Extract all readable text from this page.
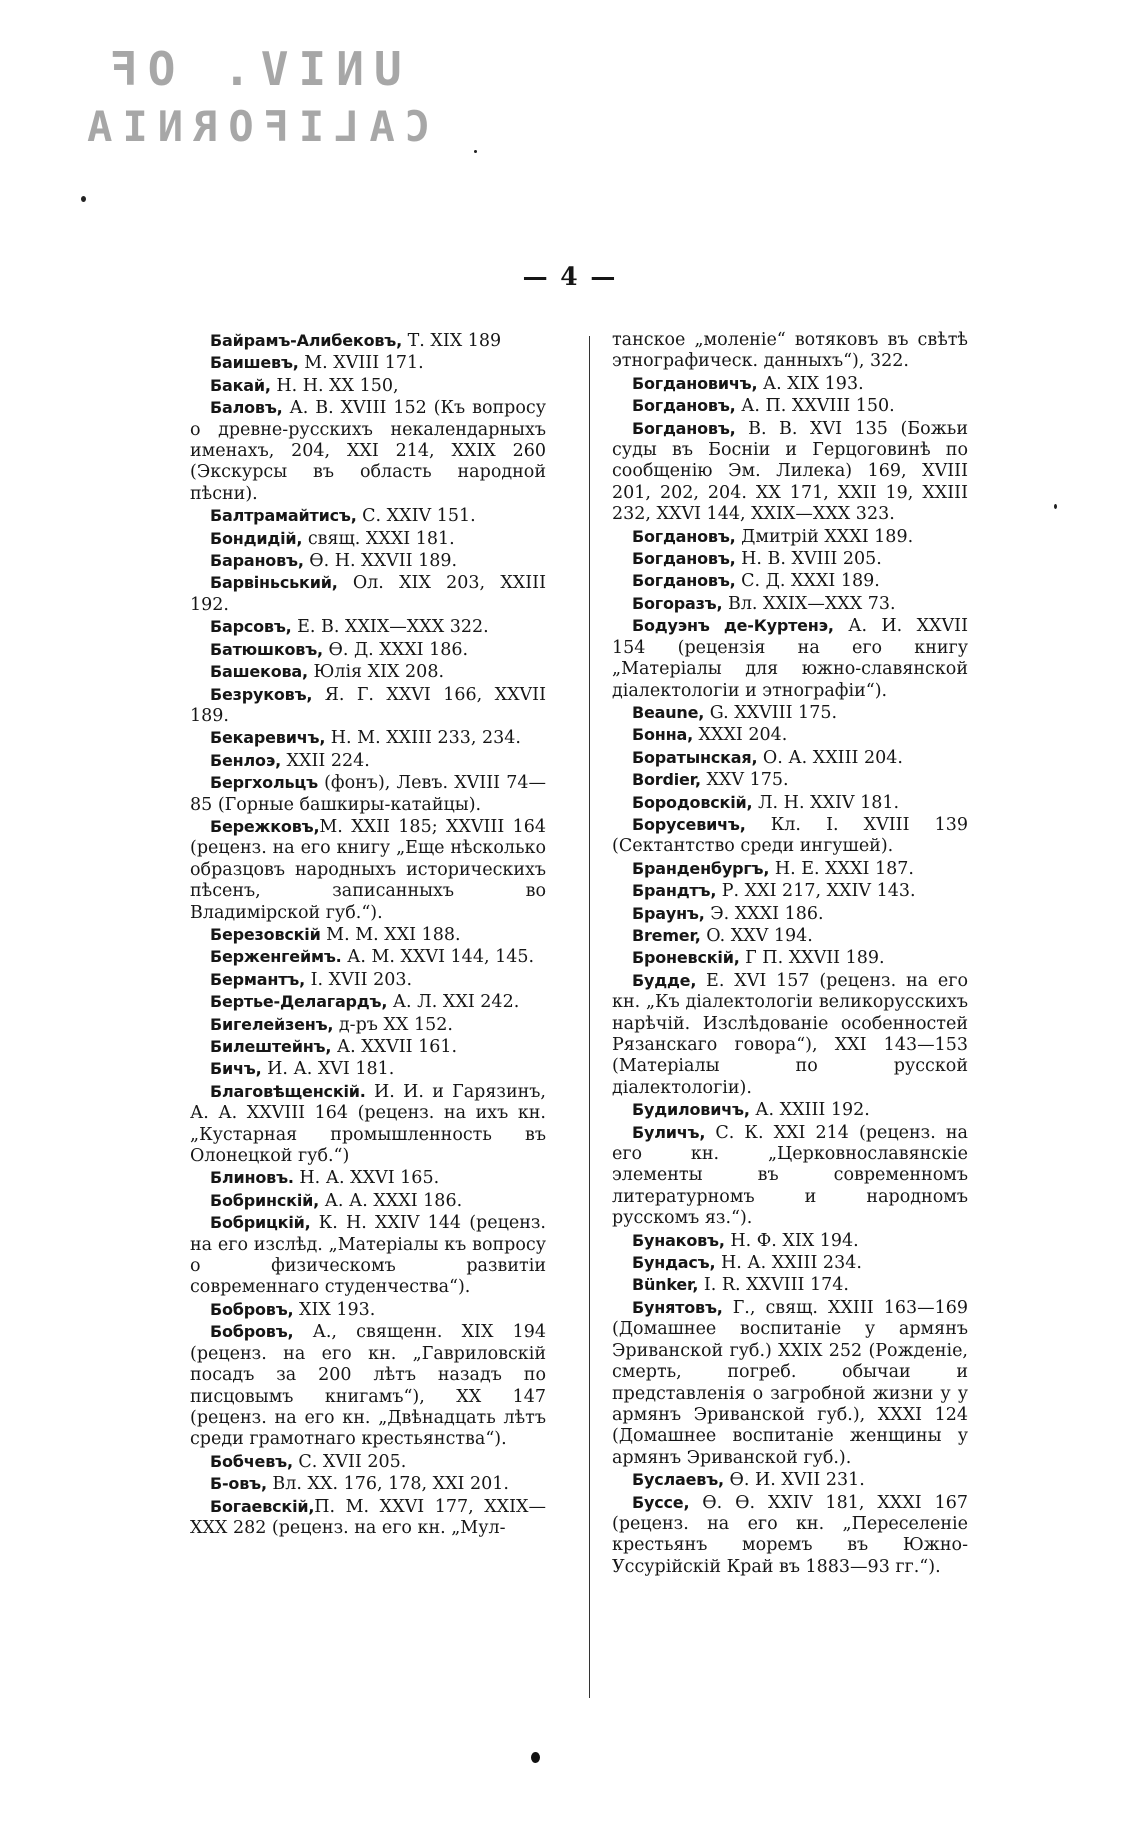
UNIV. OF
CALIFORNIA
— 4 —

Байрамъ-Алибековъ, Т. XIX 189

Баишевъ, М. XVIII 171.

Бакай, Н. Н. XX 150,

Баловъ, А. В. XVIII 152 (Къ вопросу о древне-русскихъ некалендарныхъ именахъ, 204, XXI 214, XXIX 260 (Экскурсы въ область народной пѣсни).

Балтрамайтисъ, С. XXIV 151.

Бондидій, свящ. XXXI 181.

Барановъ, Ѳ. Н. XXVII 189.

Барвіньський, Ол. XIX 203, XXIII 192.

Барсовъ, Е. В. XXIX—XXX 322.

Батюшковъ, Ѳ. Д. XXXI 186.

Башекова, Юлія XIX 208.

Безруковъ, Я. Г. XXVI 166, XXVII 189.

Бекаревичъ, Н. М. XXIII 233, 234.

Бенлоэ, XXII 224.

Бергхольцъ (фонъ), Левъ. XVIII 74—85 (Горные башкиры-катайцы).

Бережковъ,М. XXII 185; XXVIII 164 (реценз. на его книгу „Еще нѣсколько образцовъ народныхъ историческихъ пѣсенъ, записанныхъ во Владимірской губ.“).

Березовскій М. М. XXI 188.

Берженгеймъ. А. М. XXVI 144, 145.

Бермантъ, I. XVII 203.

Бертье-Делагардъ, А. Л. XXI 242.

Бигелейзенъ, д-ръ XX 152.

Билештейнъ, А. XXVII 161.

Бичъ, И. А. XVI 181.

Благовѣщенскій. И. И. и Гарязинъ, А. А. XXVIII 164 (реценз. на ихъ кн. „Кустарная промышленность въ Олонецкой губ.“)

Блиновъ. Н. А. XXVI 165.

Бобринскій, А. А. XXXI 186.

Бобрицкій, К. Н. XXIV 144 (реценз. на его изслѣд. „Матеріалы къ вопросу о физическомъ развитіи современнаго студенчества“).

Бобровъ, XIX 193.

Бобровъ, А., священн. XIX 194 (реценз. на его кн. „Гавриловскій посадъ за 200 лѣтъ назадъ по писцовымъ книгамъ“), XX 147 (реценз. на его кн. „Двѣнадцать лѣтъ среди грамотнаго крестьянства“).

Бобчевъ, С. XVII 205.

Б-овъ, Вл. XX. 176, 178, XXI 201.

Богаевскій,П. М. XXVI 177, XXIX—XXX 282 (реценз. на его кн. „Мул-

танское „моленіе“ вотяковъ въ свѣтѣ этнографическ. данныхъ“), 322.

Богдановичъ, А. XIX 193.

Богдановъ, А. П. XXVIII 150.

Богдановъ, В. В. XVI 135 (Божьи суды въ Босніи и Герцоговинѣ по сообщенію Эм. Лилека) 169, XVIII 201, 202, 204. XX 171, XXII 19, XXIII 232, XXVI 144, XXIX—XXX 323.

Богдановъ, Дмитрій XXXI 189.

Богдановъ, Н. В. XVIII 205.

Богдановъ, С. Д. XXXI 189.

Богоразъ, Вл. XXIX—XXX 73.

Бодуэнъ де-Куртенэ, А. И. XXVII 154 (рецензія на его книгу „Матеріалы для южно-славянской діалектологіи и этнографіи“).

Beaune, G. XXVIII 175.

Бонна, XXXI 204.

Боратынская, О. А. XXIII 204.

Bordier, XXV 175.

Бородовскій, Л. Н. XXIV 181.

Борусевичъ, Кл. I. XVIII 139 (Сектантство среди ингушей).

Бранденбургъ, Н. Е. XXXI 187.

Брандтъ, Р. XXI 217, XXIV 143.

Браунъ, Э. XXXI 186.

Bremer, O. XXV 194.

Броневскій, Г П. XXVII 189.

Будде, Е. XVI 157 (реценз. на его кн. „Къ діалектологіи великорусскихъ нарѣчій. Изслѣдованіе особенностей Рязанскаго говора“), XXI 143—153 (Матеріалы по русской діалектологіи).

Будиловичъ, А. XXIII 192.

Буличъ, С. К. XXI 214 (реценз. на его кн. „Церковнославянскіе элементы въ современномъ литературномъ и народномъ русскомъ яз.“).

Бунаковъ, Н. Ф. XIX 194.

Бундасъ, Н. А. XXIII 234.

Bünker, I. R. XXVIII 174.

Бунятовъ, Г., свящ. XXIII 163—169 (Домашнее воспитаніе у армянъ Эриванской губ.) XXIX 252 (Рожденіе, смерть, погреб. обычаи и представленія о загробной жизни у у армянъ Эриванской губ.), XXXI 124 (Домашнее воспитаніе женщины у армянъ Эриванской губ.).

Буслаевъ, Ѳ. И. XVII 231.

Буссе, Ѳ. Ѳ. XXIV 181, XXXI 167 (реценз. на его кн. „Переселеніе крестьянъ моремъ въ Южно-Уссурійскій Край въ 1883—93 гг.“).
